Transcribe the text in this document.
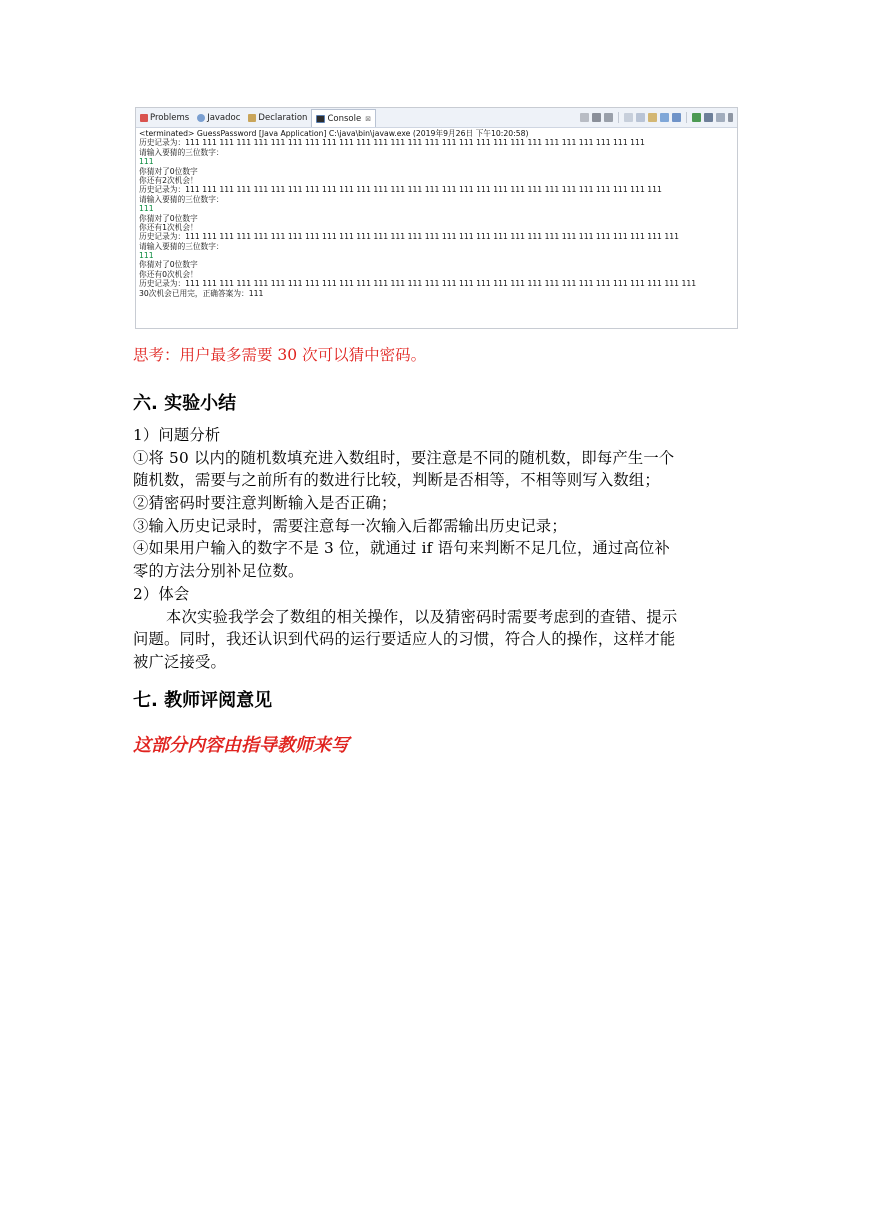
Problems Javadoc Declaration Console ⊠
<terminated> GuessPassword [Java Application] C:\java\bin\javaw.exe (2019年9月26日 下午10:20:58)
历史记录为：111 111 111 111 111 111 111 111 111 111 111 111 111 111 111 111 111 111 111 111 111 111 111 111 111 111 111
请输入要猜的三位数字：
111
你猜对了0位数字
你还有2次机会！
历史记录为：111 111 111 111 111 111 111 111 111 111 111 111 111 111 111 111 111 111 111 111 111 111 111 111 111 111 111 111
请输入要猜的三位数字：
111
你猜对了0位数字
你还有1次机会！
历史记录为：111 111 111 111 111 111 111 111 111 111 111 111 111 111 111 111 111 111 111 111 111 111 111 111 111 111 111 111 111
请输入要猜的三位数字：
111
你猜对了0位数字
你还有0次机会！
历史记录为：111 111 111 111 111 111 111 111 111 111 111 111 111 111 111 111 111 111 111 111 111 111 111 111 111 111 111 111 111 111
30次机会已用完，正确答案为：111
思考：用户最多需要 30 次可以猜中密码。
六. 实验小结
1）问题分析
①将 50 以内的随机数填充进入数组时，要注意是不同的随机数，即每产生一个
随机数，需要与之前所有的数进行比较，判断是否相等，不相等则写入数组；
②猜密码时要注意判断输入是否正确；
③输入历史记录时，需要注意每一次输入后都需输出历史记录；
④如果用户输入的数字不是 3 位，就通过 if 语句来判断不足几位，通过高位补
零的方法分别补足位数。
2）体会
本次实验我学会了数组的相关操作，以及猜密码时需要考虑到的查错、提示
问题。同时，我还认识到代码的运行要适应人的习惯，符合人的操作，这样才能
被广泛接受。
七. 教师评阅意见
这部分内容由指导教师来写
